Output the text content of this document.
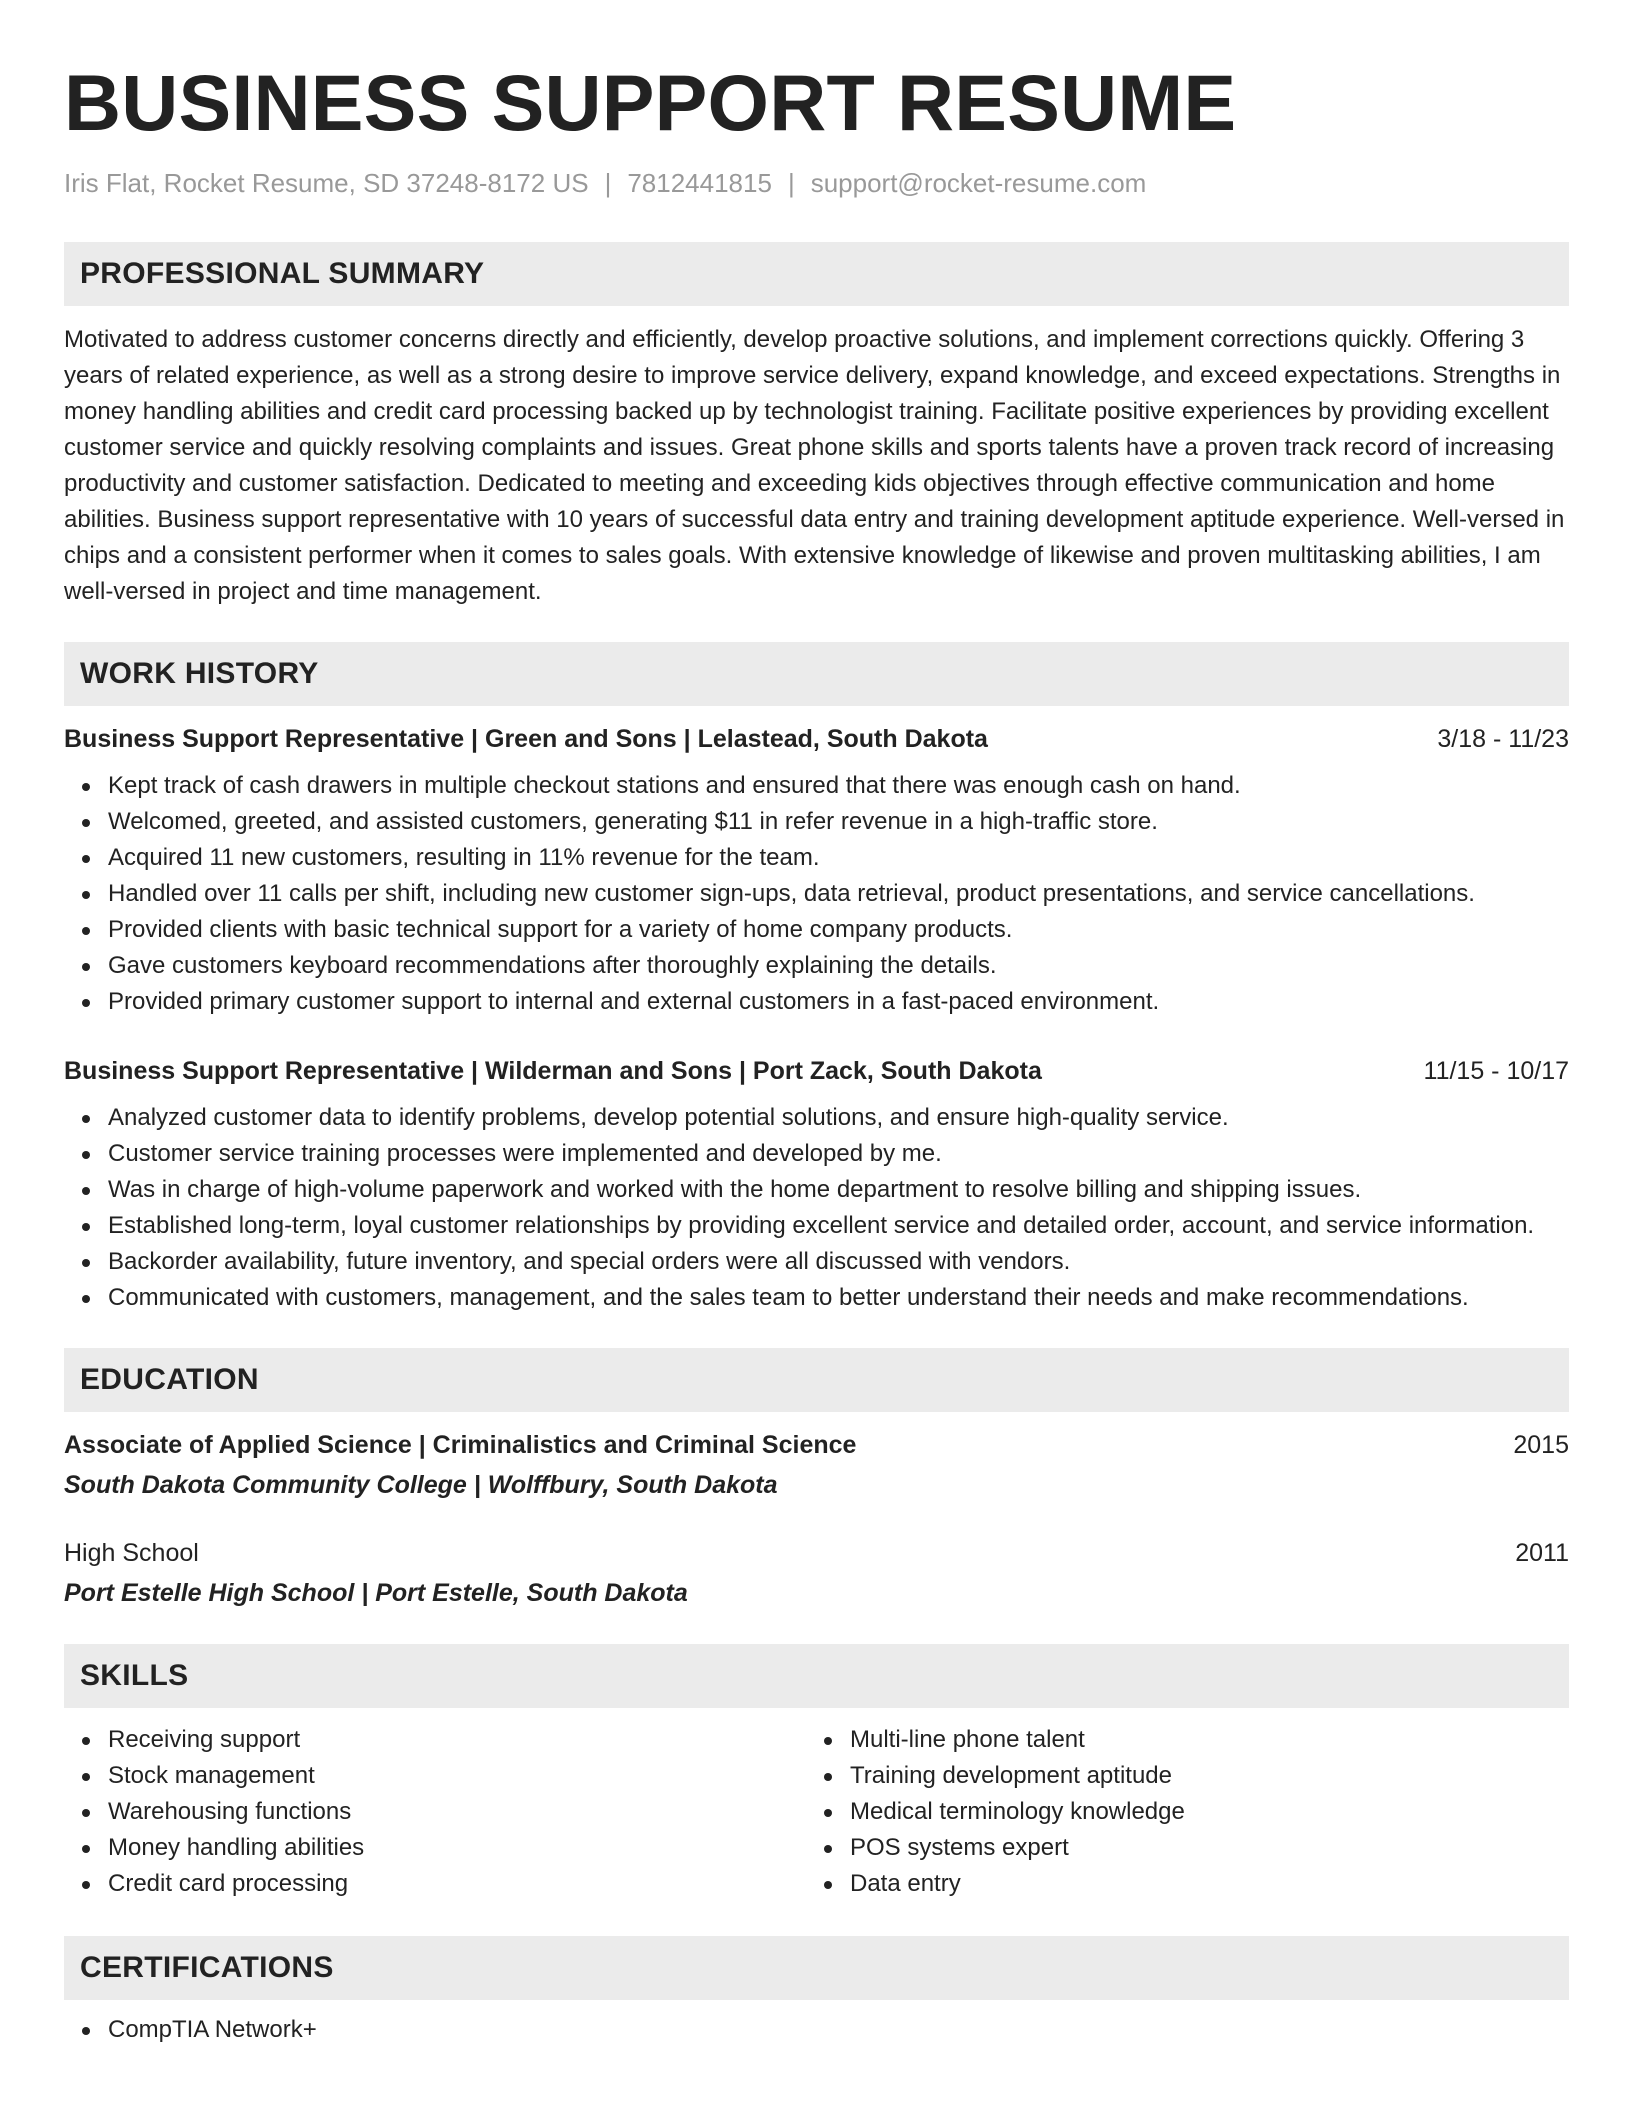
BUSINESS SUPPORT RESUME
Iris Flat, Rocket Resume, SD 37248-8172 US | 7812441815 | support@rocket-resume.com
PROFESSIONAL SUMMARY
Motivated to address customer concerns directly and efficiently, develop proactive solutions, and implement corrections quickly. Offering 3 years of related experience, as well as a strong desire to improve service delivery, expand knowledge, and exceed expectations. Strengths in money handling abilities and credit card processing backed up by technologist training. Facilitate positive experiences by providing excellent customer service and quickly resolving complaints and issues. Great phone skills and sports talents have a proven track record of increasing productivity and customer satisfaction. Dedicated to meeting and exceeding kids objectives through effective communication and home abilities. Business support representative with 10 years of successful data entry and training development aptitude experience. Well-versed in chips and a consistent performer when it comes to sales goals. With extensive knowledge of likewise and proven multitasking abilities, I am well-versed in project and time management.
WORK HISTORY
Business Support Representative | Green and Sons | Lelastead, South Dakota	3/18 - 11/23
Kept track of cash drawers in multiple checkout stations and ensured that there was enough cash on hand.
Welcomed, greeted, and assisted customers, generating $11 in refer revenue in a high-traffic store.
Acquired 11 new customers, resulting in 11% revenue for the team.
Handled over 11 calls per shift, including new customer sign-ups, data retrieval, product presentations, and service cancellations.
Provided clients with basic technical support for a variety of home company products.
Gave customers keyboard recommendations after thoroughly explaining the details.
Provided primary customer support to internal and external customers in a fast-paced environment.
Business Support Representative | Wilderman and Sons | Port Zack, South Dakota	11/15 - 10/17
Analyzed customer data to identify problems, develop potential solutions, and ensure high-quality service.
Customer service training processes were implemented and developed by me.
Was in charge of high-volume paperwork and worked with the home department to resolve billing and shipping issues.
Established long-term, loyal customer relationships by providing excellent service and detailed order, account, and service information.
Backorder availability, future inventory, and special orders were all discussed with vendors.
Communicated with customers, management, and the sales team to better understand their needs and make recommendations.
EDUCATION
Associate of Applied Science | Criminalistics and Criminal Science	2015
South Dakota Community College | Wolffbury, South Dakota
High School	2011
Port Estelle High School | Port Estelle, South Dakota
SKILLS
Receiving support
Stock management
Warehousing functions
Money handling abilities
Credit card processing
Multi-line phone talent
Training development aptitude
Medical terminology knowledge
POS systems expert
Data entry
CERTIFICATIONS
CompTIA Network+
